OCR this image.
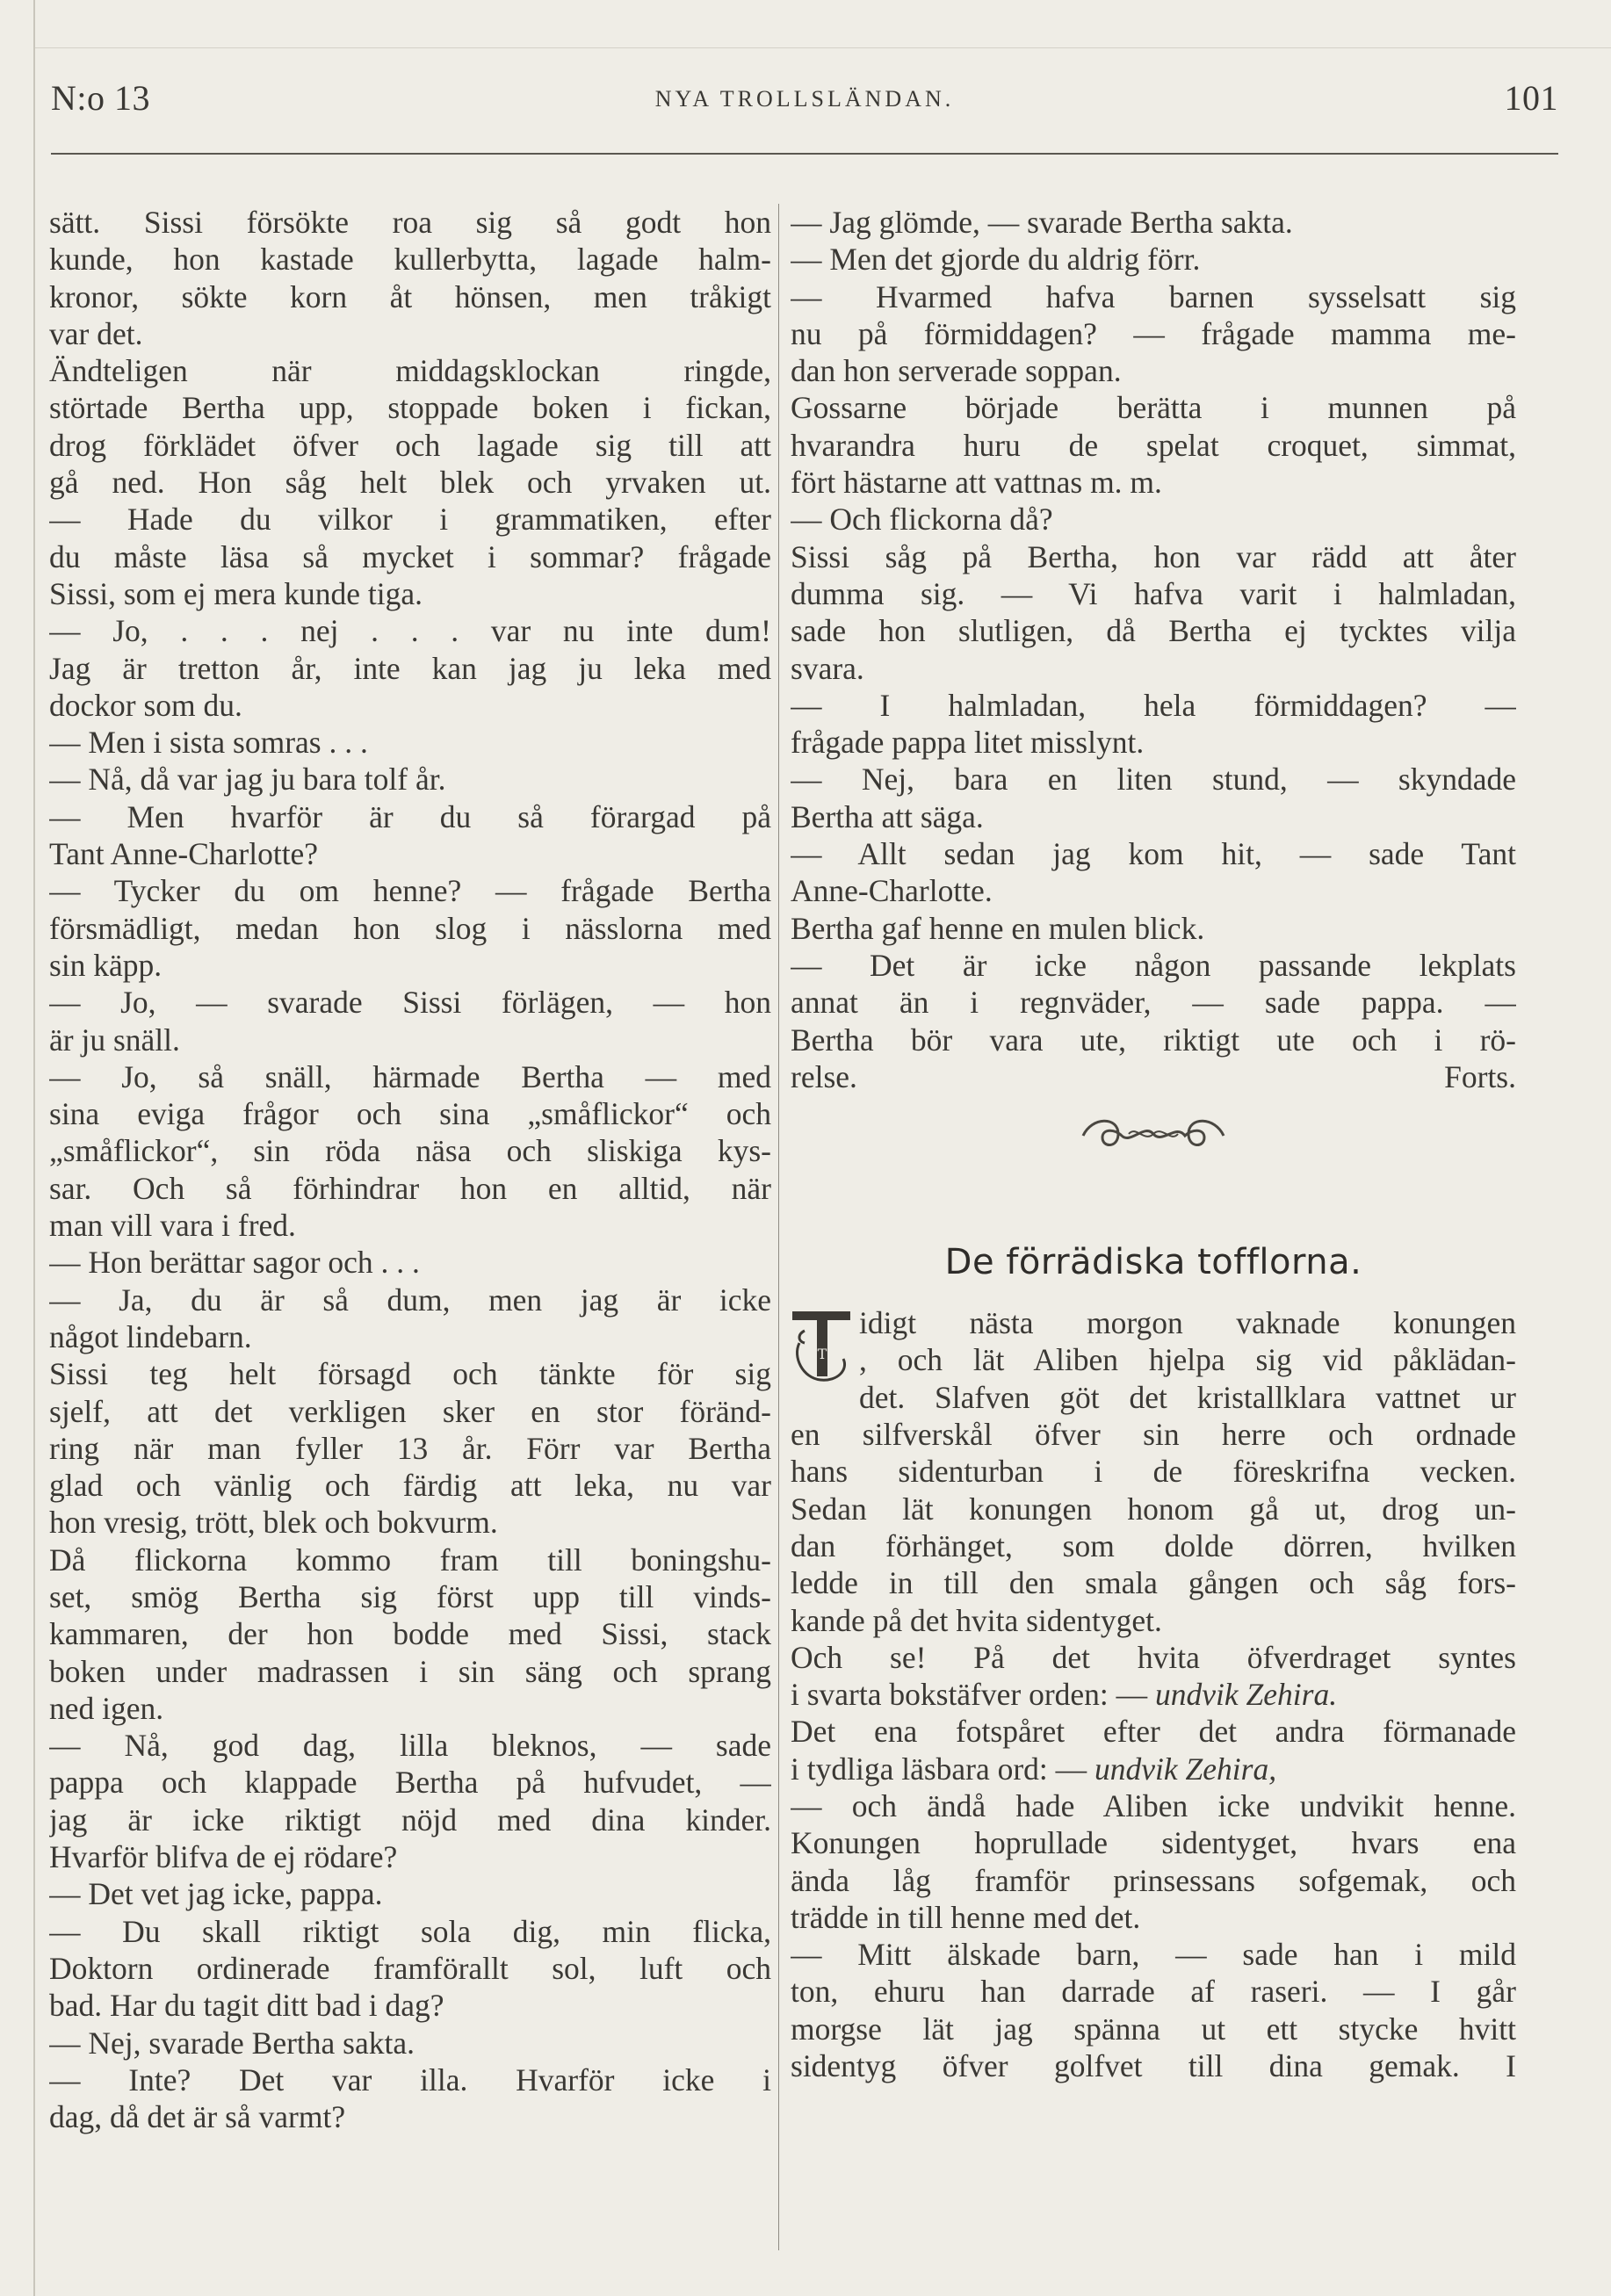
N:o 13	NYA TROLLSLÄNDAN.	101
sätt. Sissi försökte roa sig så godt hon
kunde, hon kastade kullerbytta, lagade halm-
kronor, sökte korn åt hönsen, men tråkigt
var det.
Ändteligen när middagsklockan ringde,
störtade Bertha upp, stoppade boken i fickan,
drog förklädet öfver och lagade sig till att
gå ned. Hon såg helt blek och yrvaken ut.
— Hade du vilkor i grammatiken, efter
du måste läsa så mycket i sommar? frågade
Sissi, som ej mera kunde tiga.
— Jo, . . . nej . . . var nu inte dum!
Jag är tretton år, inte kan jag ju leka med
dockor som du.
— Men i sista somras . . .
— Nå, då var jag ju bara tolf år.
— Men hvarför är du så förargad på
Tant Anne-Charlotte?
— Tycker du om henne? — frågade Bertha
försmädligt, medan hon slog i nässlorna med
sin käpp.
— Jo, — svarade Sissi förlägen, — hon
är ju snäll.
— Jo, så snäll, härmade Bertha — med
sina eviga frågor och sina „småflickor“ och
„småflickor“, sin röda näsa och sliskiga kys-
sar. Och så förhindrar hon en alltid, när
man vill vara i fred.
— Hon berättar sagor och . . .
— Ja, du är så dum, men jag är icke
något lindebarn.
Sissi teg helt försagd och tänkte för sig
sjelf, att det verkligen sker en stor föränd-
ring när man fyller 13 år. Förr var Bertha
glad och vänlig och färdig att leka, nu var
hon vresig, trött, blek och bokvurm.
Då flickorna kommo fram till boningshu-
set, smög Bertha sig först upp till vinds-
kammaren, der hon bodde med Sissi, stack
boken under madrassen i sin säng och sprang
ned igen.
— Nå, god dag, lilla bleknos, — sade
pappa och klappade Bertha på hufvudet, —
jag är icke riktigt nöjd med dina kinder.
Hvarför blifva de ej rödare?
— Det vet jag icke, pappa.
— Du skall riktigt sola dig, min flicka,
Doktorn ordinerade framförallt sol, luft och
bad. Har du tagit ditt bad i dag?
— Nej, svarade Bertha sakta.
— Inte? Det var illa. Hvarför icke i
dag, då det är så varmt?
— Jag glömde, — svarade Bertha sakta.
— Men det gjorde du aldrig förr.
— Hvarmed hafva barnen sysselsatt sig
nu på förmiddagen? — frågade mamma me-
dan hon serverade soppan.
Gossarne började berätta i munnen på
hvarandra huru de spelat croquet, simmat,
fört hästarne att vattnas m. m.
— Och flickorna då?
Sissi såg på Bertha, hon var rädd att åter
dumma sig. — Vi hafva varit i halmladan,
sade hon slutligen, då Bertha ej tycktes vilja
svara.
— I halmladan, hela förmiddagen? —
frågade pappa litet misslynt.
— Nej, bara en liten stund, — skyndade
Bertha att säga.
— Allt sedan jag kom hit, — sade Tant
Anne-Charlotte.
Bertha gaf henne en mulen blick.
— Det är icke någon passande lekplats
annat än i regnväder, — sade pappa. —
Bertha bör vara ute, riktigt ute och i rö-
relse.	Forts.
De förrädiska tofflorna.
T
idigt nästa morgon vaknade konungen
, och lät Aliben hjelpa sig vid påklädan-
det. Slafven göt det kristallklara vattnet ur
en silfverskål öfver sin herre och ordnade
hans sidenturban i de föreskrifna vecken.
Sedan lät konungen honom gå ut, drog un-
dan förhänget, som dolde dörren, hvilken
ledde in till den smala gången och såg fors-
kande på det hvita sidentyget.
Och se! På det hvita öfverdraget syntes
i svarta bokstäfver orden: — undvik Zehira.
Det ena fotspåret efter det andra förmanade
i tydliga läsbara ord: — undvik Zehira,
— och ändå hade Aliben icke undvikit henne.
Konungen hoprullade sidentyget, hvars ena
ända låg framför prinsessans sofgemak, och
trädde in till henne med det.
— Mitt älskade barn, — sade han i mild
ton, ehuru han darrade af raseri. — I går
morgse lät jag spänna ut ett stycke hvitt
sidentyg öfver golfvet till dina gemak. I
